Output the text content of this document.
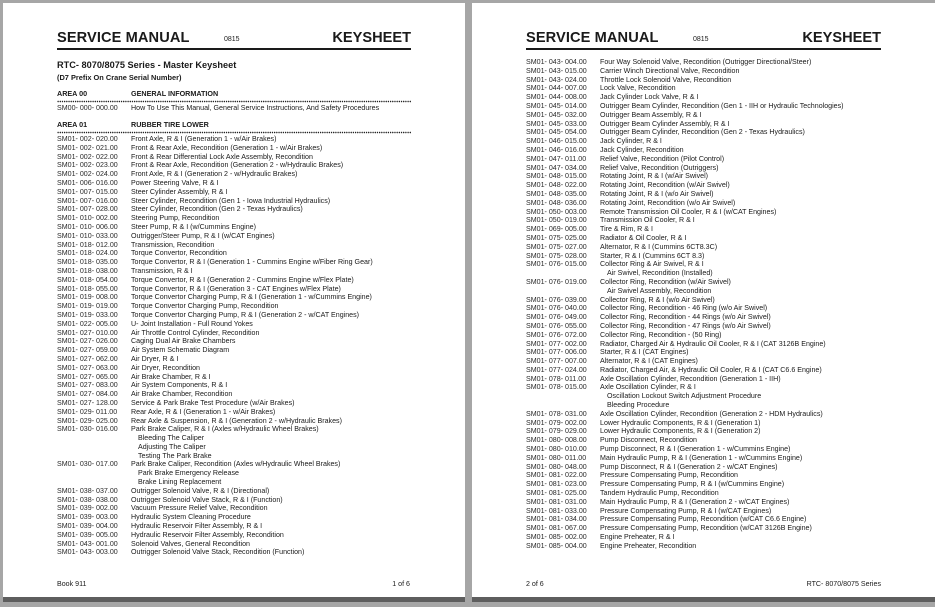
SERVICE MANUAL	0815	KEYSHEET
RTC- 8070/8075 Series - Master Keysheet
(D7 Prefix On Crane Serial Number)
AREA 00	GENERAL INFORMATION
SM00- 000- 000.00 How To Use This Manual, General Service Instructions, And Safety Procedures
AREA 01	RUBBER TIRE LOWER
SM01- 002- 020.00 Front Axle, R & I (Generation 1 - w/Air Brakes)
SM01- 002- 021.00 Front & Rear Axle, Recondition (Generation 1 - w/Air Brakes)
SM01- 002- 022.00 Front & Rear Differential Lock Axle Assembly, Recondition
SM01- 002- 023.00 Front & Rear Axle, Recondition (Generation 2 - w/Hydraulic Brakes)
SM01- 002- 024.00 Front Axle, R & I (Generation 2 - w/Hydraulic Brakes)
SM01- 006- 016.00 Power Steering Valve, R & I
SM01- 007- 015.00 Steer Cylinder Assembly, R & I
SM01- 007- 016.00 Steer Cylinder, Recondition (Gen 1 - Iowa Industrial Hydraulics)
SM01- 007- 028.00 Steer Cylinder, Recondition (Gen 2 - Texas Hydraulics)
SM01- 010- 002.00 Steering Pump, Recondition
SM01- 010- 006.00 Steer Pump, R & I (w/Cummins Engine)
SM01- 010- 033.00 Outrigger/Steer Pump, R & I (w/CAT Engines)
SM01- 018- 012.00 Transmission, Recondition
SM01- 018- 024.00 Torque Convertor, Recondition
SM01- 018- 035.00 Torque Convertor, R & I (Generation 1 - Cummins Engine w/Fiber Ring Gear)
SM01- 018- 038.00 Transmission, R & I
SM01- 018- 054.00 Torque Convertor, R & I (Generation 2 - Cummins Engine w/Flex Plate)
SM01- 018- 055.00 Torque Convertor, R & I (Generation 3 - CAT Engines w/Flex Plate)
SM01- 019- 008.00 Torque Convertor Charging Pump, R & I (Generation 1 - w/Cummins Engine)
SM01- 019- 019.00 Torque Convertor Charging Pump, Recondition
SM01- 019- 033.00 Torque Convertor Charging Pump, R & I (Generation 2 - w/CAT Engines)
SM01- 022- 005.00 U- Joint Installation - Full Round Yokes
SM01- 027- 010.00 Air Throttle Control Cylinder, Recondition
SM01- 027- 026.00 Caging Dual Air Brake Chambers
SM01- 027- 059.00 Air System Schematic Diagram
SM01- 027- 062.00 Air Dryer, R & I
SM01- 027- 063.00 Air Dryer, Recondition
SM01- 027- 065.00 Air Brake Chamber, R & I
SM01- 027- 083.00 Air System Components, R & I
SM01- 027- 084.00 Air Brake Chamber, Recondition
SM01- 027- 128.00 Service & Park Brake Test Procedure (w/Air Brakes)
SM01- 029- 011.00 Rear Axle, R & I (Generation 1 - w/Air Brakes)
SM01- 029- 025.00 Rear Axle & Suspension, R & I (Generation 2 - w/Hydraulic Brakes)
SM01- 030- 016.00 Park Brake Caliper, R & I (Axles w/Hydraulic Wheel Brakes)
Bleeding The Caliper
Adjusting The Caliper
Testing The Park Brake
SM01- 030- 017.00 Park Brake Caliper, Recondition (Axles w/Hydraulic Wheel Brakes)
Park Brake Emergency Release
Brake Lining Replacement
SM01- 038- 037.00 Outrigger Solenoid Valve, R & I (Directional)
SM01- 038- 038.00 Outrigger Solenoid Valve Stack, R & I (Function)
SM01- 039- 002.00 Vacuum Pressure Relief Valve, Recondition
SM01- 039- 003.00 Hydraulic System Cleaning Procedure
SM01- 039- 004.00 Hydraulic Reservoir Filter Assembly, R & I
SM01- 039- 005.00 Hydraulic Reservoir Filter Assembly, Recondition
SM01- 043- 001.00 Solenoid Valves, General Recondition
SM01- 043- 003.00 Outrigger Solenoid Valve Stack, Recondition (Function)
Book 911	1 of 6
SERVICE MANUAL	0815	KEYSHEET
SM01- 043- 004.00 Four Way Solenoid Valve, Recondition (Outrigger Directional/Steer)
SM01- 043- 015.00 Carrier Winch Directional Valve, Recondition
SM01- 043- 024.00 Throttle Lock Solenoid Valve, Recondition
SM01- 044- 007.00 Lock Valve, Recondition
SM01- 044- 008.00 Jack Cylinder Lock Valve, R & I
SM01- 045- 014.00 Outrigger Beam Cylinder, Recondition (Gen 1 - IIH or Hydraulic Technologies)
SM01- 045- 032.00 Outrigger Beam Assembly, R & I
SM01- 045- 033.00 Outrigger Beam Cylinder Assembly, R & I
SM01- 045- 054.00 Outrigger Beam Cylinder, Recondition (Gen 2 - Texas Hydraulics)
SM01- 046- 015.00 Jack Cylinder, R & I
SM01- 046- 016.00 Jack Cylinder, Recondition
SM01- 047- 011.00 Relief Valve, Recondition (Pilot Control)
SM01- 047- 034.00 Relief Valve, Recondition (Outriggers)
SM01- 048- 015.00 Rotating Joint, R & I (w/Air Swivel)
SM01- 048- 022.00 Rotating Joint, Recondition (w/Air Swivel)
SM01- 048- 035.00 Rotating Joint, R & I (w/o Air Swivel)
SM01- 048- 036.00 Rotating Joint, Recondition (w/o Air Swivel)
SM01- 050- 003.00 Remote Transmission Oil Cooler, R & I (w/CAT Engines)
SM01- 050- 019.00 Transmission Oil Cooler, R & I
SM01- 069- 005.00 Tire & Rim, R & I
SM01- 075- 025.00 Radiator & Oil Cooler, R & I
SM01- 075- 027.00 Alternator, R & I (Cummins 6CT8.3C)
SM01- 075- 028.00 Starter, R & I (Cummins 6CT 8.3)
SM01- 076- 015.00 Collector Ring & Air Swivel, R & I
Air Swivel, Recondition (Installed)
SM01- 076- 019.00 Collector Ring, Recondition (w/Air Swivel)
Air Swivel Assembly, Recondition
SM01- 076- 039.00 Collector Ring, R & I (w/o Air Swivel)
SM01- 076- 040.00 Collector Ring, Recondition - 46 Ring (w/o Air Swivel)
SM01- 076- 049.00 Collector Ring, Recondition - 44 Rings (w/o Air Swivel)
SM01- 076- 055.00 Collector Ring, Recondition - 47 Rings (w/o Air Swivel)
SM01- 076- 072.00 Collector Ring, Recondition - (50 Ring)
SM01- 077- 002.00 Radiator, Charged Air & Hydraulic Oil Cooler, R & I (CAT 3126B Engine)
SM01- 077- 006.00 Starter, R & I (CAT Engines)
SM01- 077- 007.00 Alternator, R & I (CAT Engines)
SM01- 077- 024.00 Radiator, Charged Air, & Hydraulic Oil Cooler, R & I (CAT C6.6 Engine)
SM01- 078- 011.00 Axle Oscillation Cylinder, Recondition (Generation 1 - IIH)
SM01- 078- 015.00 Axle Oscillation Cylinder, R & I
Oscillation Lockout Switch Adjustment Procedure
Bleeding Procedure
SM01- 078- 031.00 Axle Oscillation Cylinder, Recondition (Generation 2 - HDM Hydraulics)
SM01- 079- 002.00 Lower Hydraulic Components, R & I (Generation 1)
SM01- 079- 029.00 Lower Hydraulic Components, R & I (Generation 2)
SM01- 080- 008.00 Pump Disconnect, Recondition
SM01- 080- 010.00 Pump Disconnect, R & I (Generation 1 - w/Cummins Engine)
SM01- 080- 011.00 Main Hydraulic Pump, R & I (Generation 1 - w/Cummins Engine)
SM01- 080- 048.00 Pump Disconnect, R & I (Generation 2 - w/CAT Engines)
SM01- 081- 022.00 Pressure Compensating Pump, Recondition
SM01- 081- 023.00 Pressure Compensating Pump, R & I (w/Cummins Engine)
SM01- 081- 025.00 Tandem Hydraulic Pump, Recondition
SM01- 081- 031.00 Main Hydraulic Pump, R & I (Generation 2 - w/CAT Engines)
SM01- 081- 033.00 Pressure Compensating Pump, R & I (w/CAT Engines)
SM01- 081- 034.00 Pressure Compensating Pump, Recondition (w/CAT C6.6 Engine)
SM01- 081- 067.00 Pressure Compensating Pump, Recondition (w/CAT 3126B Engine)
SM01- 085- 002.00 Engine Preheater, R & I
SM01- 085- 004.00 Engine Preheater, Recondition
2 of 6	RTC- 8070/8075 Series
